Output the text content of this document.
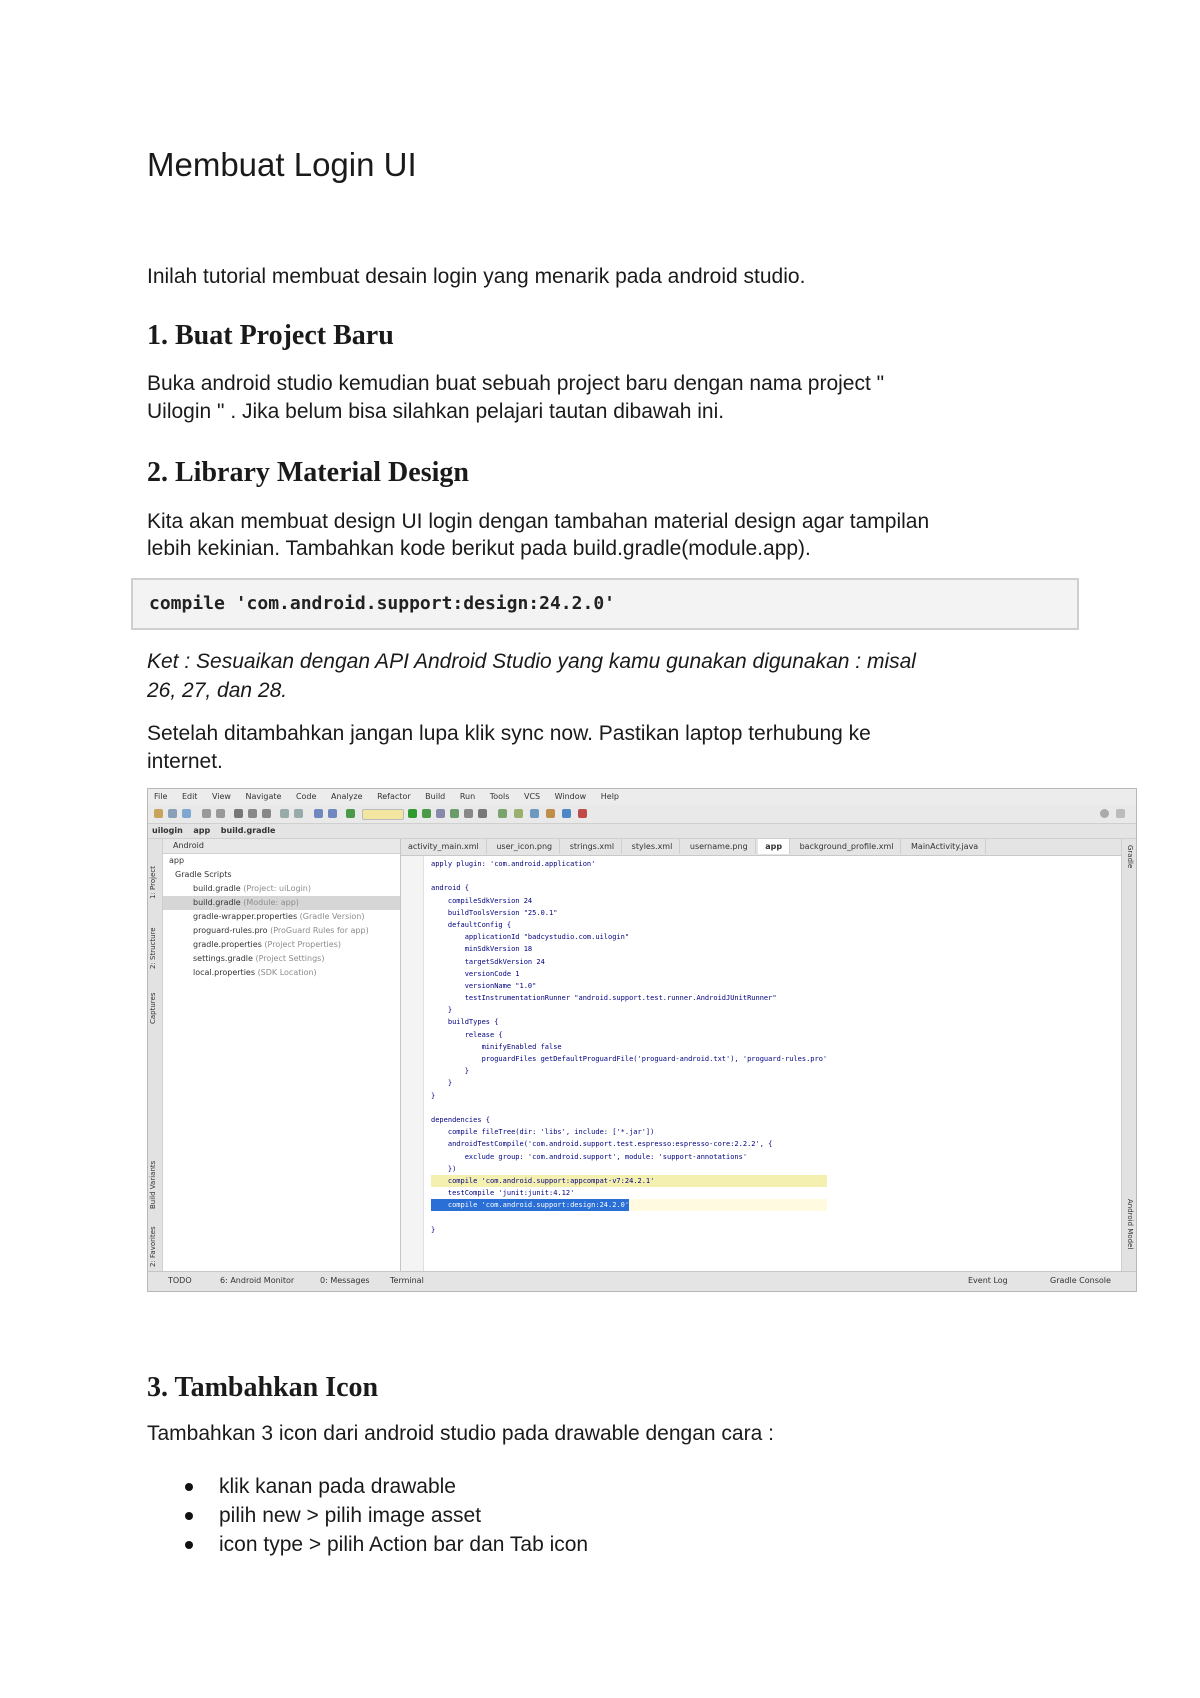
Membuat Login UI

Inilah tutorial membuat desain login yang menarik pada android studio.

1. Buat Project Baru

Buka android studio kemudian buat sebuah project baru dengan nama project "

Uilogin " . Jika belum bisa silahkan pelajari tautan dibawah ini.

2. Library Material Design

Kita akan membuat design UI login dengan tambahan material design agar tampilan

lebih kekinian. Tambahkan kode berikut pada build.gradle(module.app).

compile 'com.android.support:design:24.2.0'

Ket : Sesuaikan dengan API Android Studio yang kamu gunakan digunakan : misal

26, 27, dan 28.

Setelah ditambahkan jangan lupa klik sync now. Pastikan laptop terhubung ke

internet.

3. Tambahkan Icon

Tambahkan 3 icon dari android studio pada drawable dengan cara :

klik kanan pada drawable
pilih new > pilih image asset
icon type > pilih Action bar dan Tab icon
File Edit View Navigate Code Analyze Refactor Build Run Tools VCS Window Help
uilogin app build.gradle
1: Project
2: Structure
Captures
Build Variants
2: Favorites
Android
app
Gradle Scripts
build.gradle (Project: uiLogin)
build.gradle (Module: app)
gradle-wrapper.properties (Gradle Version)
proguard-rules.pro (ProGuard Rules for app)
gradle.properties (Project Properties)
settings.gradle (Project Settings)
local.properties (SDK Location)
activity_main.xml user_icon.png strings.xml styles.xml username.png app background_profile.xml MainActivity.java
apply plugin: 'com.android.application'
android {
compileSdkVersion 24
buildToolsVersion "25.0.1"
defaultConfig {
applicationId "badcystudio.com.uilogin"
minSdkVersion 18
targetSdkVersion 24
versionCode 1
versionName "1.0"
testInstrumentationRunner "android.support.test.runner.AndroidJUnitRunner"
}
buildTypes {
release {
minifyEnabled false
proguardFiles getDefaultProguardFile('proguard-android.txt'), 'proguard-rules.pro'
}
}
}
dependencies {
compile fileTree(dir: 'libs', include: ['*.jar'])
androidTestCompile('com.android.support.test.espresso:espresso-core:2.2.2', {
exclude group: 'com.android.support', module: 'support-annotations'
})
compile 'com.android.support:appcompat-v7:24.2.1'
testCompile 'junit:junit:4.12'
compile 'com.android.support:design:24.2.0'
}
Gradle
Android Model
TODO	6: Android Monitor	0: Messages	Terminal	Event Log	Gradle Console
